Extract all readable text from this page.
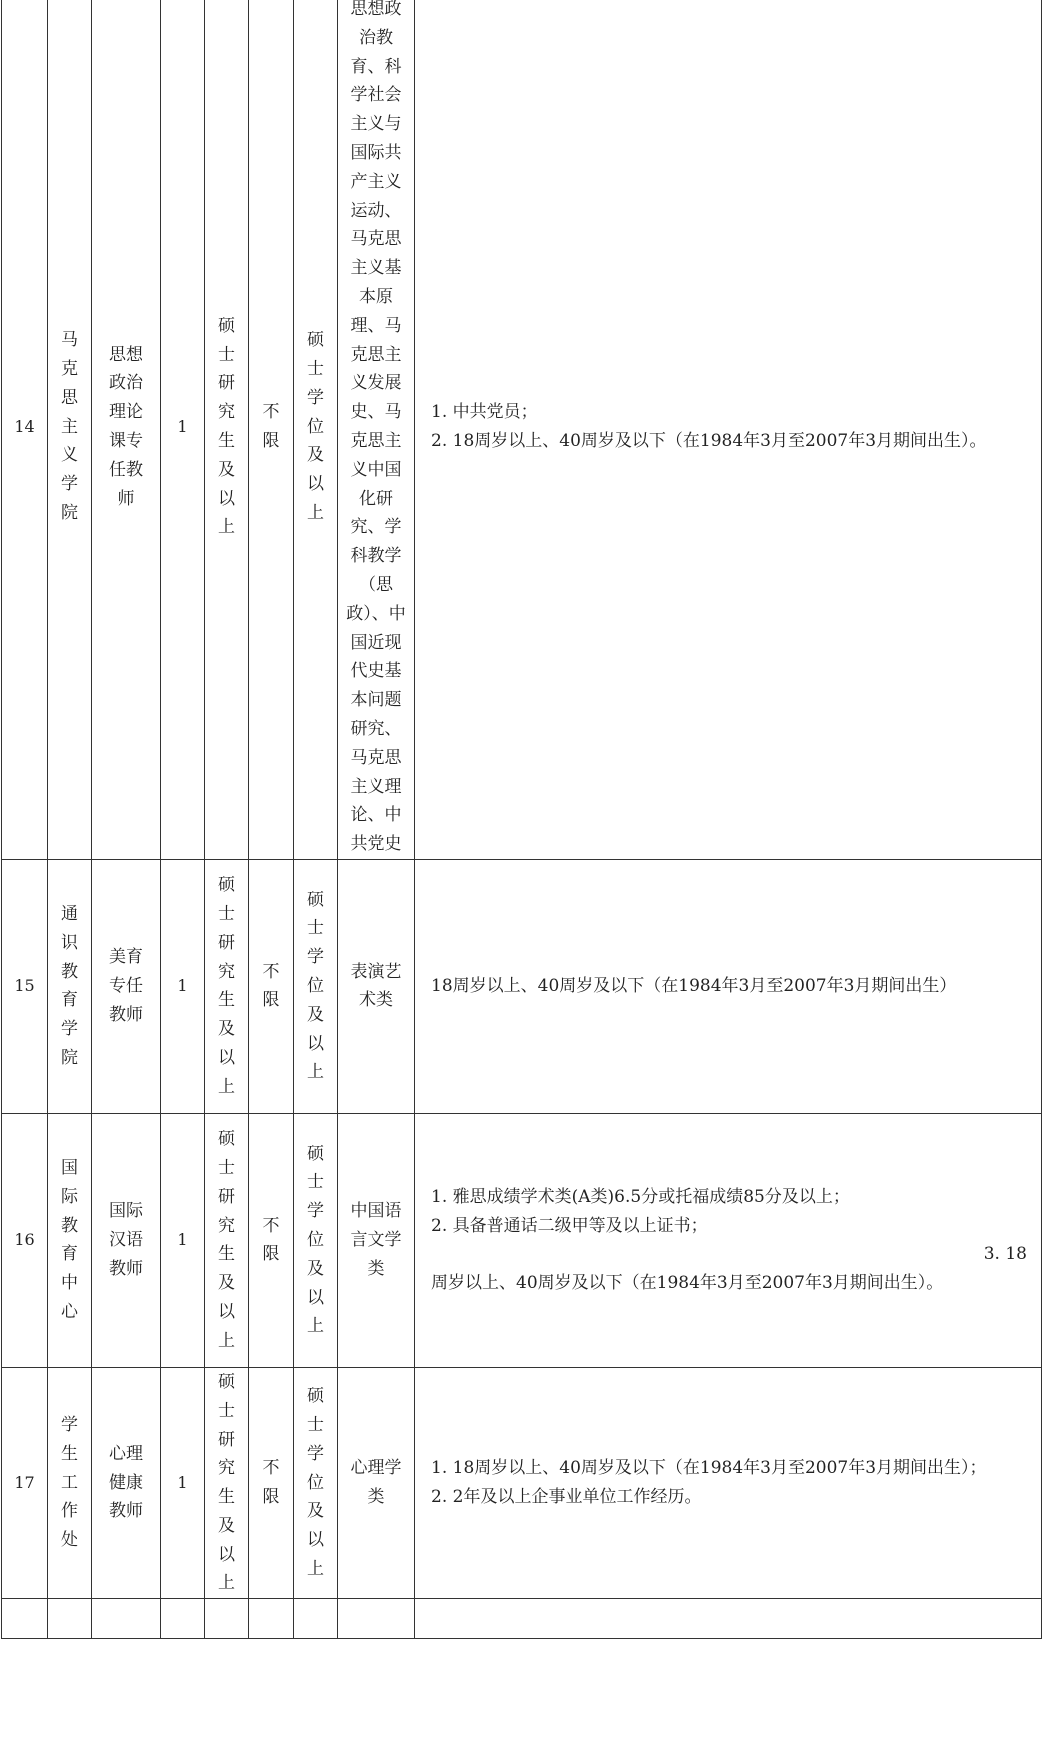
14	马克思主义学院	思想政治理论课专任教师	1	硕士研究生及以上	不限	硕士学位及以上	思想政治教育、科学社会主义与国际共产主义运动、马克思主义基本原理、马克思主义发展史、马克思主义中国化研究、学科教学（思政）、中国近现代史基本问题研究、马克思主义理论、中共党史	1. 中共党员；
2. 18周岁以上、40周岁及以下（在1984年3月至2007年3月期间出生）。

15	通识教育学院	美育专任教师	1	硕士研究生及以上	不限	硕士学位及以上	表演艺术类	18周岁以上、40周岁及以下（在1984年3月至2007年3月期间出生）

16	国际教育中心	国际汉语教师	1	硕士研究生及以上	不限	硕士学位及以上	中国语言文学类	1. 雅思成绩学术类(A类)6.5分或托福成绩85分及以上；
2. 具备普通话二级甲等及以上证书；
3. 18
周岁以上、40周岁及以下（在1984年3月至2007年3月期间出生）。

17	学生工作处	心理健康教师	1	硕士研究生及以上	不限	硕士学位及以上	心理学类	1. 18周岁以上、40周岁及以下（在1984年3月至2007年3月期间出生）；
2. 2年及以上企事业单位工作经历。
